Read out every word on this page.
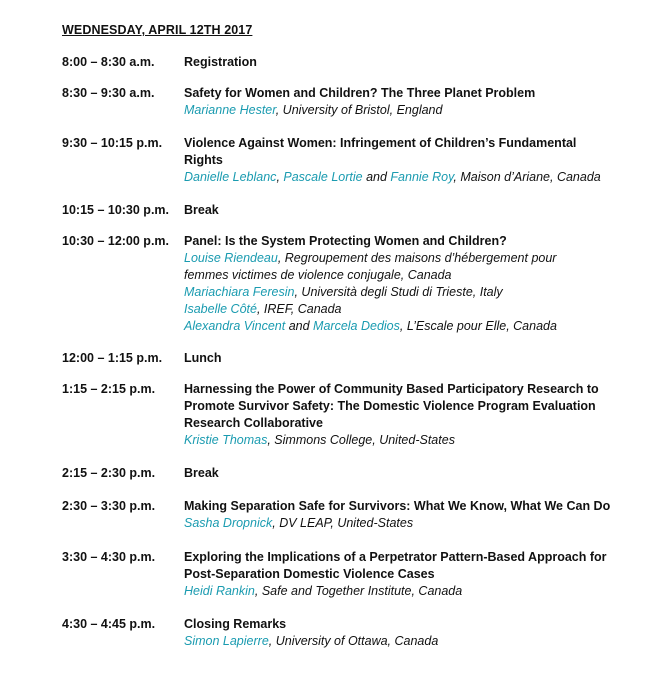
WEDNESDAY, APRIL 12TH 2017
8:00 – 8:30 a.m.	Registration
8:30 – 9:30 a.m.	Safety for Women and Children? The Three Planet Problem
Marianne Hester, University of Bristol, England
9:30 – 10:15 p.m.	Violence Against Women: Infringement of Children’s Fundamental
Rights
Danielle Leblanc, Pascale Lortie and Fannie Roy, Maison d’Ariane, Canada
10:15 – 10:30 p.m.	Break
10:30 – 12:00 p.m.	Panel: Is the System Protecting Women and Children?
Louise Riendeau, Regroupement des maisons d’hébergement pour
femmes victimes de violence conjugale, Canada
Mariachiara Feresin, Università degli Studi di Trieste, Italy
Isabelle Côté, IREF, Canada
Alexandra Vincent and Marcela Dedios, L’Escale pour Elle, Canada
12:00 – 1:15 p.m.	Lunch
1:15 – 2:15 p.m.	Harnessing the Power of Community Based Participatory Research to
Promote Survivor Safety: The Domestic Violence Program Evaluation
Research Collaborative
Kristie Thomas, Simmons College, United-States
2:15 – 2:30 p.m.	Break
2:30 – 3:30 p.m.	Making Separation Safe for Survivors: What We Know, What We Can Do
Sasha Dropnick, DV LEAP, United-States
3:30 – 4:30 p.m.	Exploring the Implications of a Perpetrator Pattern-Based Approach for
Post-Separation Domestic Violence Cases
Heidi Rankin, Safe and Together Institute, Canada
4:30 – 4:45 p.m.	Closing Remarks
Simon Lapierre, University of Ottawa, Canada
